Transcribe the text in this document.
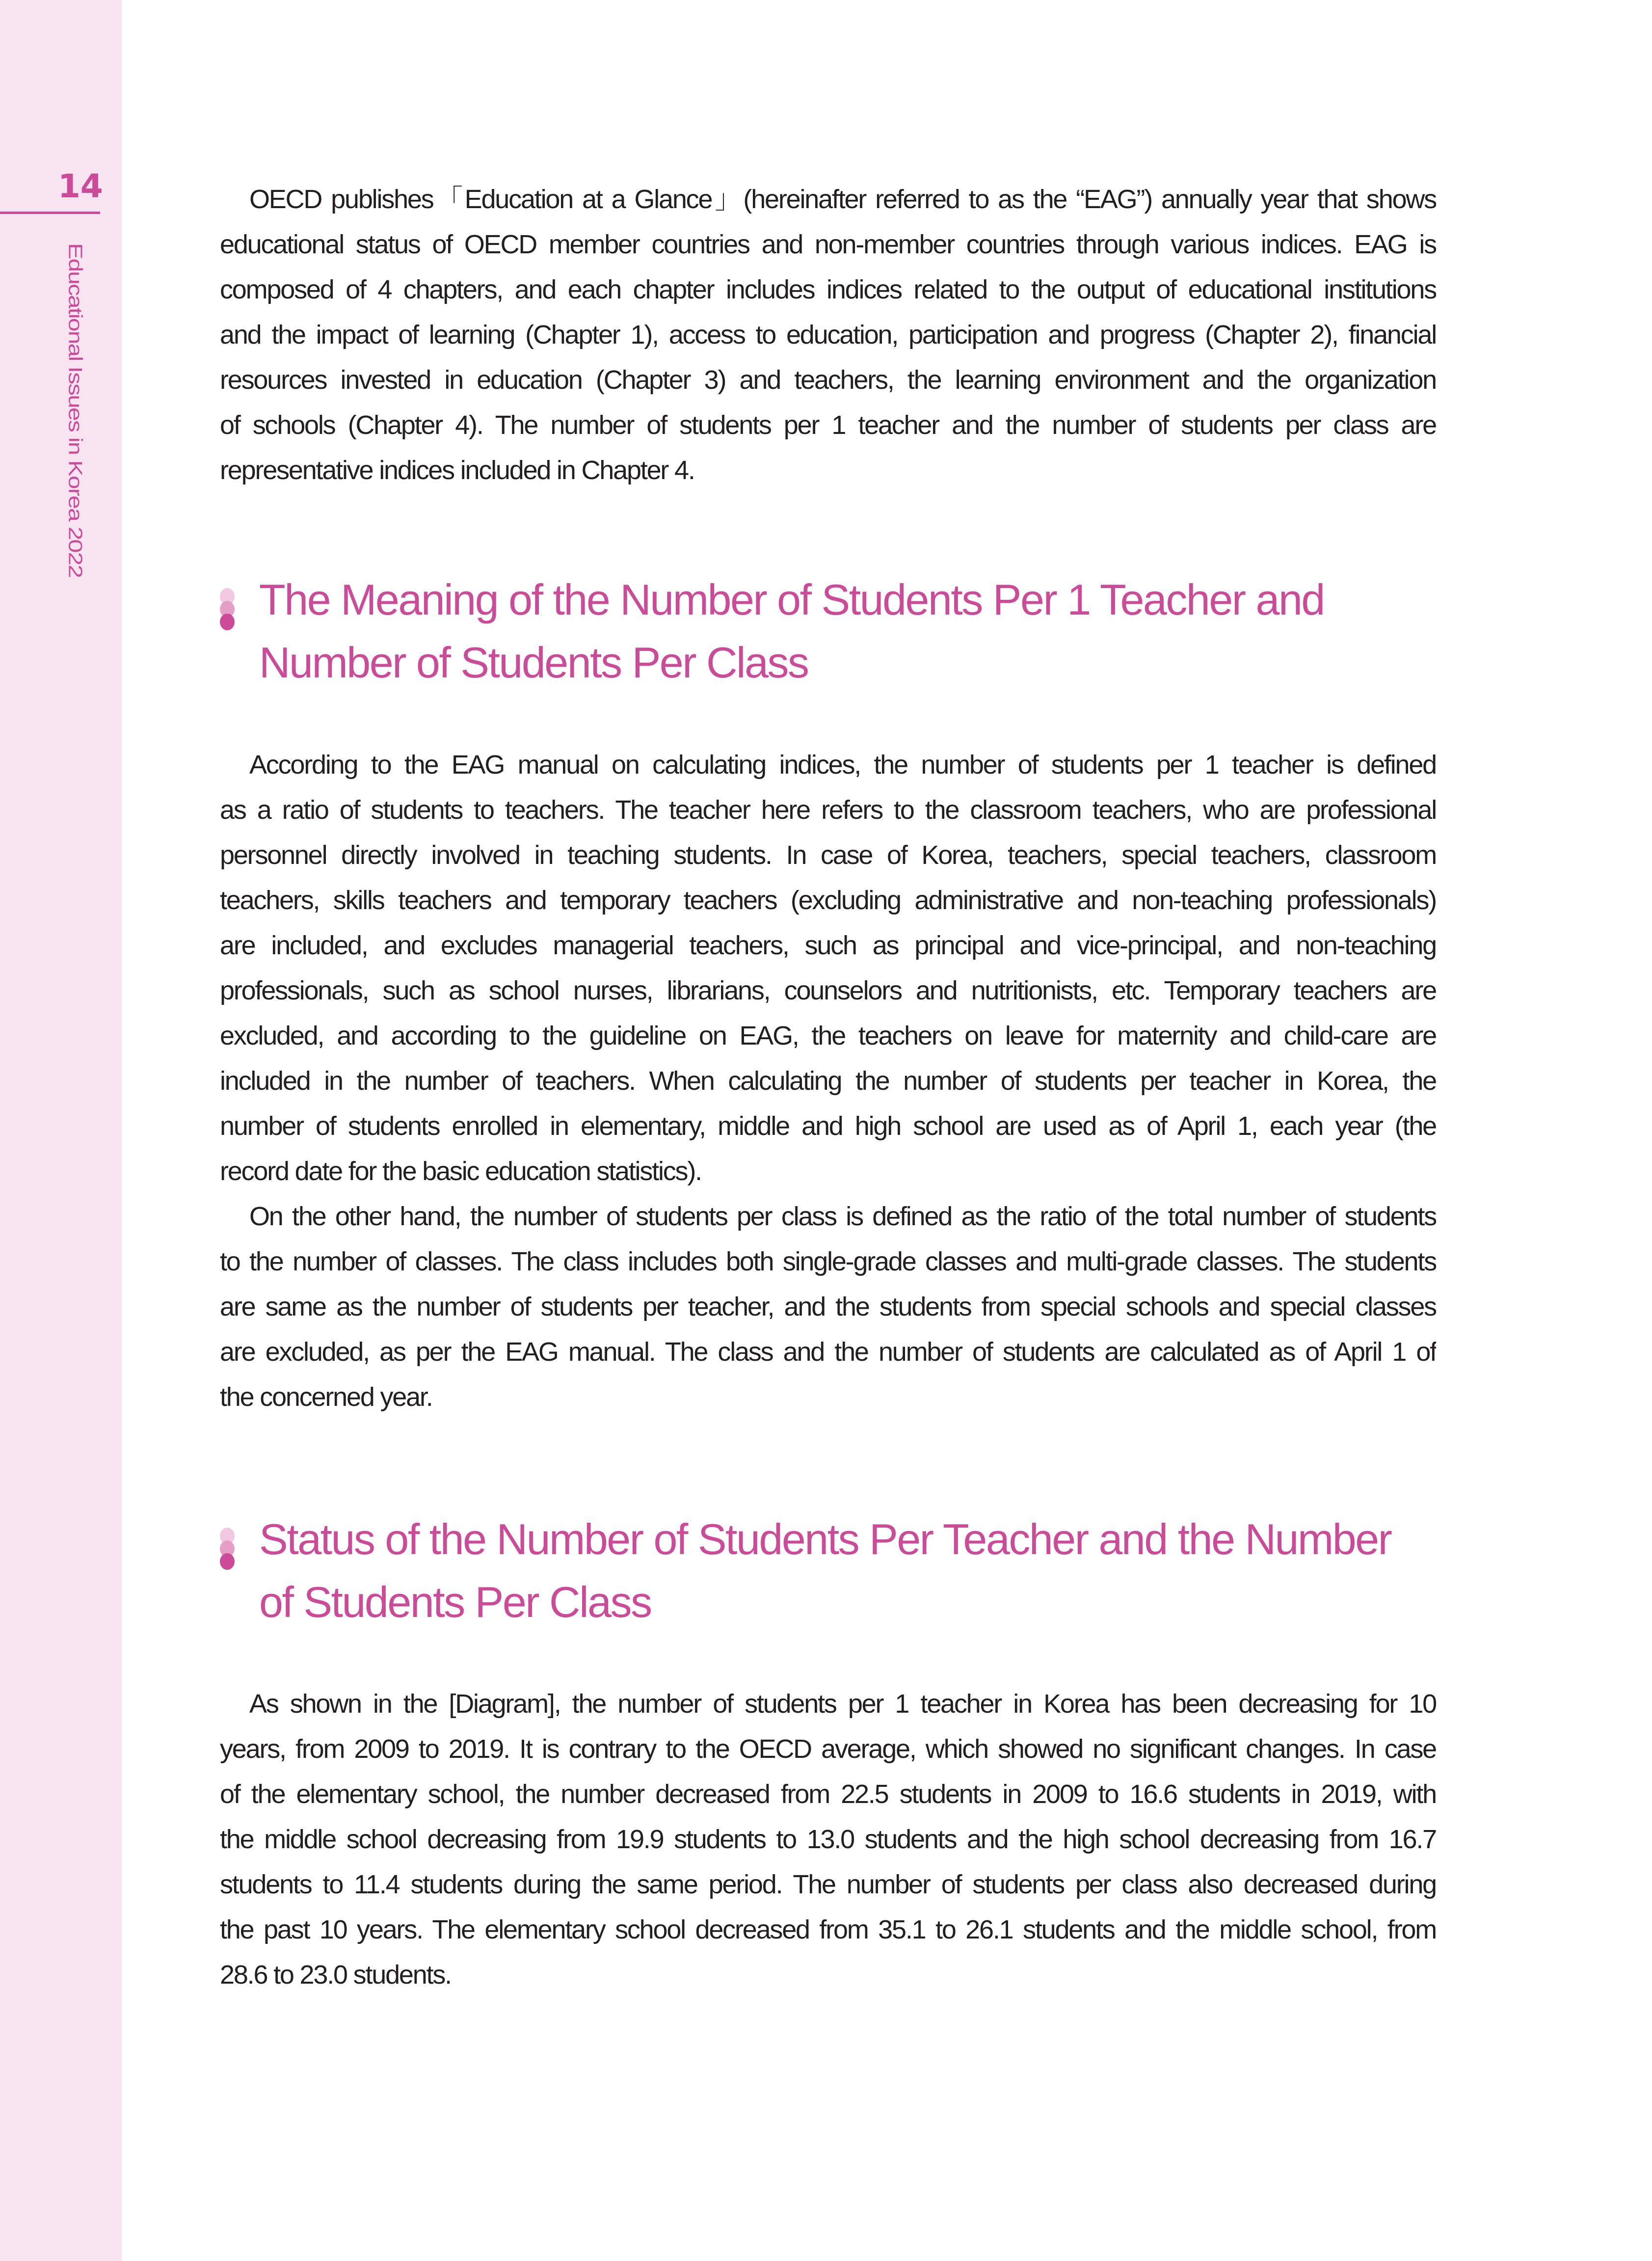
14
Educational Issues in Korea 2022
OECD publishes「Education at a Glance」(hereinafter referred to as the “EAG”) annually year that shows
educational status of OECD member countries and non-member countries through various indices. EAG is
composed of 4 chapters, and each chapter includes indices related to the output of educational institutions
and the impact of learning (Chapter 1), access to education, participation and progress (Chapter 2), financial
resources invested in education (Chapter 3) and teachers, the learning environment and the organization
of schools (Chapter 4). The number of students per 1 teacher and the number of students per class are
representative indices included in Chapter 4.
The Meaning of the Number of Students Per 1 Teacher and
Number of Students Per Class
According to the EAG manual on calculating indices, the number of students per 1 teacher is defined
as a ratio of students to teachers. The teacher here refers to the classroom teachers, who are professional
personnel directly involved in teaching students. In case of Korea, teachers, special teachers, classroom
teachers, skills teachers and temporary teachers (excluding administrative and non-teaching professionals)
are included, and excludes managerial teachers, such as principal and vice-principal, and non-teaching
professionals, such as school nurses, librarians, counselors and nutritionists, etc. Temporary teachers are
excluded, and according to the guideline on EAG, the teachers on leave for maternity and child-care are
included in the number of teachers. When calculating the number of students per teacher in Korea, the
number of students enrolled in elementary, middle and high school are used as of April 1, each year (the
record date for the basic education statistics).
On the other hand, the number of students per class is defined as the ratio of the total number of students
to the number of classes. The class includes both single-grade classes and multi-grade classes. The students
are same as the number of students per teacher, and the students from special schools and special classes
are excluded, as per the EAG manual. The class and the number of students are calculated as of April 1 of
the concerned year.
Status of the Number of Students Per Teacher and the Number
of Students Per Class
As shown in the [Diagram], the number of students per 1 teacher in Korea has been decreasing for 10
years, from 2009 to 2019. It is contrary to the OECD average, which showed no significant changes. In case
of the elementary school, the number decreased from 22.5 students in 2009 to 16.6 students in 2019, with
the middle school decreasing from 19.9 students to 13.0 students and the high school decreasing from 16.7
students to 11.4 students during the same period. The number of students per class also decreased during
the past 10 years. The elementary school decreased from 35.1 to 26.1 students and the middle school, from
28.6 to 23.0 students.
